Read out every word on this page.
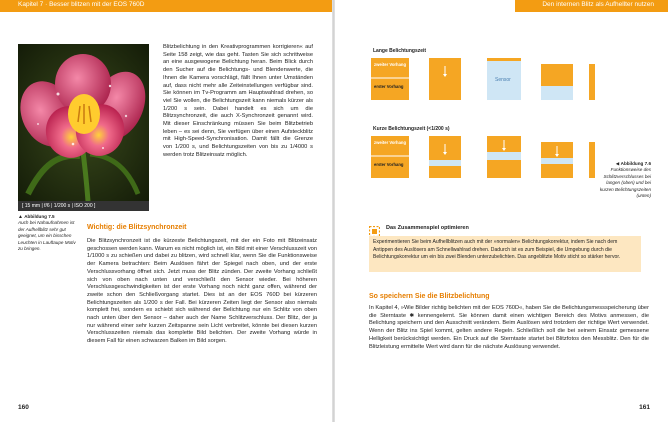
Kapitel 7 · Besser blitzen mit der EOS 760D
[ 15 mm | f/6 | 1/200 s | ISO 200 ]
▲ Abbildung 7.5
Auch bei Nahaufnahmen ist der Aufhellblitz sehr gut geeignet, um ein bisschen Leuchten in Lauftaupe Motiv zu bringen.
Blitzbelichtung in den Kreativprogrammen korrigieren« auf Seite 158 zeigt, wie das geht. Tasten Sie sich schrittweise an eine ausgewogene Belichtung heran. Beim Blick durch den Sucher auf die Belichtungs- und Blendenwerte, die Ihnen die Kamera vorschlägt, fällt Ihnen unter Umständen auf, dass nicht mehr alle Zeiteinstellungen verfügbar sind. Sie können im Tv-Programm am Hauptwahlrad drehen, so viel Sie wollen, die Belichtungszeit kann niemals kürzer als 1/200 s sein. Dabei handelt es sich um die Blitzsynchronzeit, die auch X-Synchronzeit genannt wird. Mit dieser Einschränkung müssen Sie beim Blitzbetrieb leben – es sei denn, Sie verfügen über einen Aufsteckblitz mit High-Speed-Synchronisation. Damit fällt die Grenze von 1/200 s, und Belichtungszeiten von bis zu 1/4000 s werden trotz Blitzeinsatz möglich.
Wichtig: die Blitzsynchronzeit
Die Blitzsynchronzeit ist die kürzeste Belichtungszeit, mit der ein Foto mit Blitzeinsatz geschossen werden kann. Warum es nicht möglich ist, ein Bild mit einer Verschlusszeit von 1/1000 s zu schießen und dabei zu blitzen, wird schnell klar, wenn Sie die Funktionsweise der Kamera betrachten: Beim Auslösen fährt der Spiegel nach oben, und der erste Verschlussvorhang öffnet sich. Jetzt muss der Blitz zünden. Der zweite Vorhang schließt sich von oben nach unten und verschließt den Sensor wieder. Bei höheren Verschlussgeschwindigkeiten ist der erste Vorhang noch nicht ganz offen, während der zweite schon den Schließvorgang startet. Dies ist an der EOS 760D bei kürzeren Belichtungszeiten als 1/200 s der Fall. Bei kürzeren Zeiten liegt der Sensor also niemals komplett frei, sondern es schiebt sich während der Belichtung nur ein Schlitz von oben nach unten über den Sensor – daher auch der Name Schlitzverschluss. Der Blitz, der ja nur während einer sehr kurzen Zeitspanne sein Licht verbreitet, könnte bei diesen kurzen Verschlusszeiten niemals das komplette Bild belichten. Der zweite Vorhang würde in diesem Fall für einen schwarzen Balken im Bild sorgen.
160
Den internen Blitz als Aufhellter nutzen
Lange Belichtungszeit
zweiter Vorhang
erster Vorhang
Sensor
Kurze Belichtungszeit (<1/200 s)
zweiter Vorhang
erster Vorhang	◀ Abbildung 7.6
Funktionsweise des Schlitzverschlusses bei langen (oben) und bei kurzen Belichtungszeiten (unten)
Das Zusammenspiel optimieren
Experimentieren Sie beim Aufhellblitzen auch mit der »normalen« Belichtungskorrektur, indem Sie nach dem Antippen des Auslösers am Schnellwahlrad drehen. Dadurch ist es zum Beispiel, die Umgebung durch die Belichtungskorrektur um ein bis zwei Blenden unterzubelichten. Das angeblitzte Motiv sticht so stärker hervor.
So speichern Sie die Blitzbelichtung
In Kapitel 4, »Wie Bilder richtig belichten mit der EOS 760D«, haben Sie die Belichtungsmessspeicherung über die Sterntaste ✱ kennengelernt. Sie können damit einen wichtigen Bereich des Motivs anmessen, die Belichtung speichern und den Ausschnitt verändern. Beim Auslösen wird trotzdem der richtige Wert verwendet. Wenn der Blitz ins Spiel kommt, gelten andere Regeln. Schließlich soll die bei seinem Einsatz gemessene Helligkeit berücksichtigt werden. Ein Druck auf die Sterntaste startet bei Blitzfotos den Messblitz. Den für die Blitzleistung ermittelte Wert wird dann für die nächste Auslösung verwendet.
161
